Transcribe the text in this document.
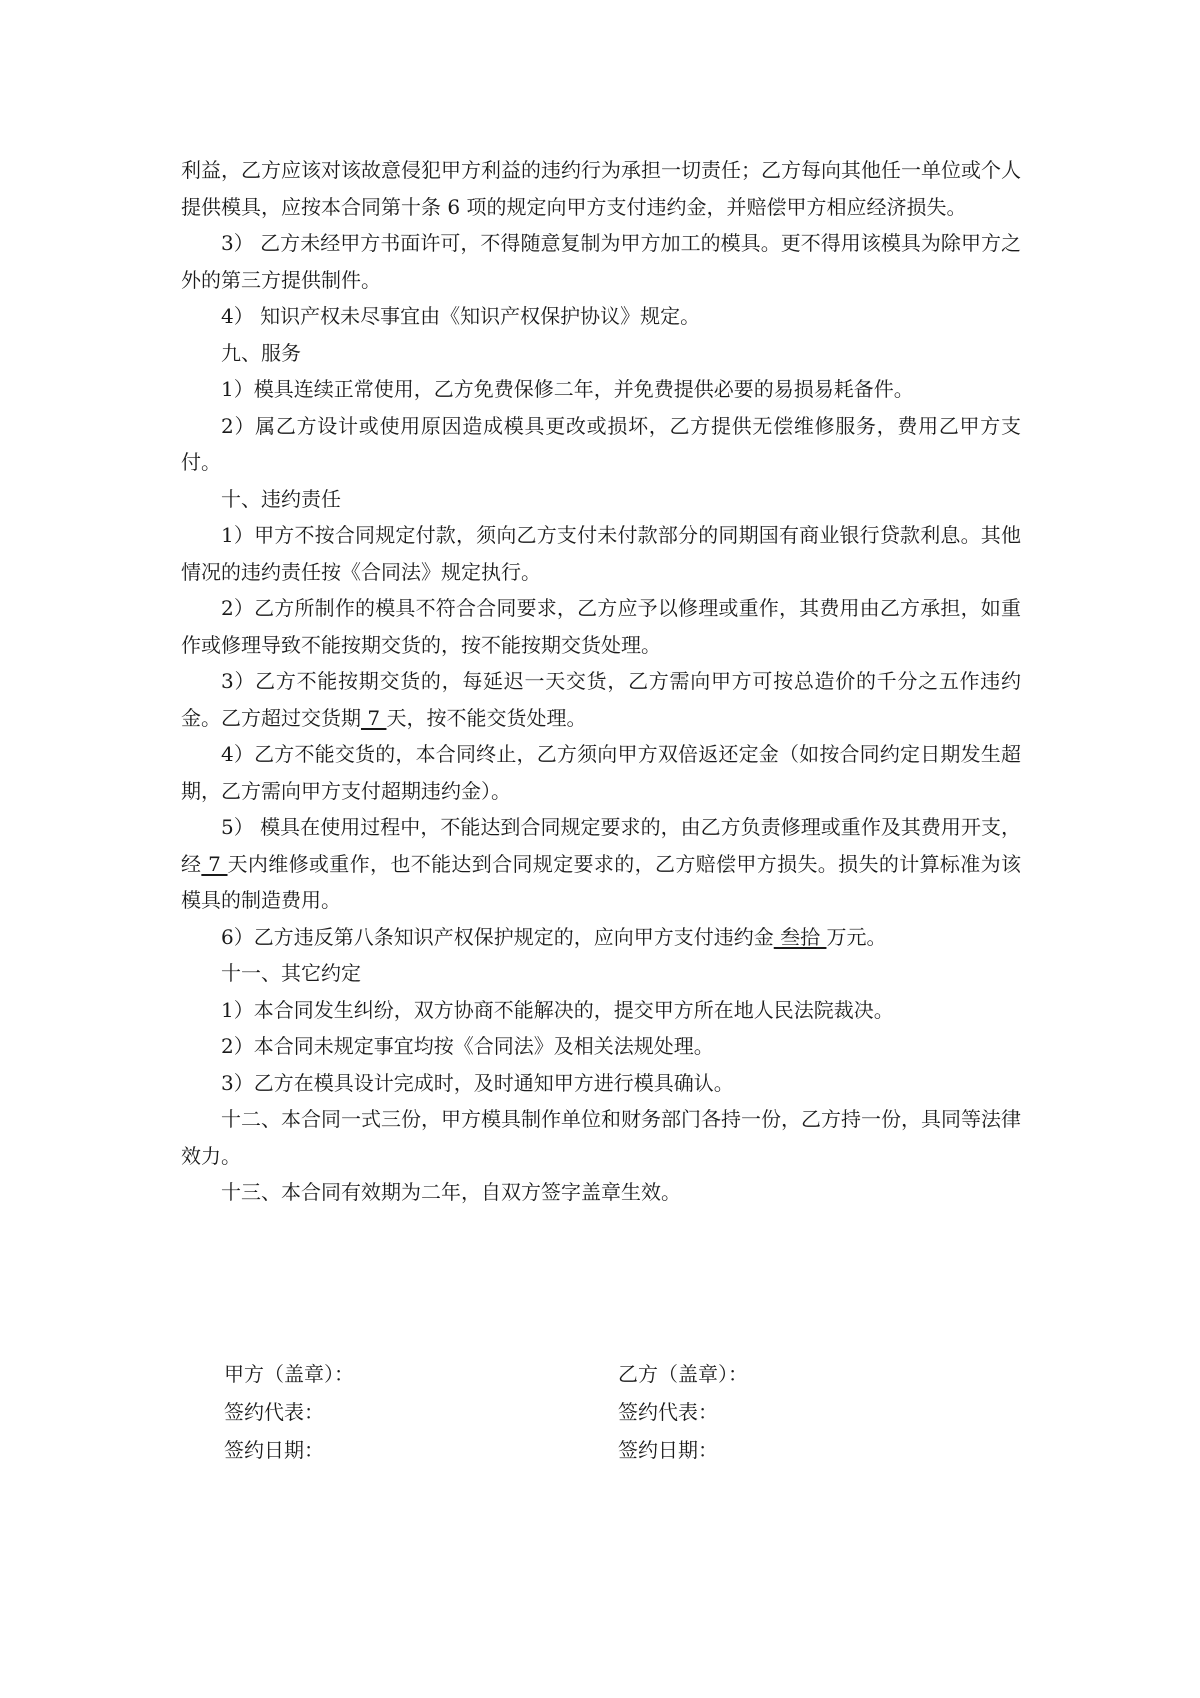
利益，乙方应该对该故意侵犯甲方利益的违约行为承担一切责任；乙方每向其他任一单位或个人提供模具，应按本合同第十条 6 项的规定向甲方支付违约金，并赔偿甲方相应经济损失。

3） 乙方未经甲方书面许可，不得随意复制为甲方加工的模具。更不得用该模具为除甲方之外的第三方提供制件。

4） 知识产权未尽事宜由《知识产权保护协议》规定。

九、服务

1）模具连续正常使用，乙方免费保修二年，并免费提供必要的易损易耗备件。

2）属乙方设计或使用原因造成模具更改或损坏，乙方提供无偿维修服务，费用乙甲方支付。

十、违约责任

1）甲方不按合同规定付款，须向乙方支付未付款部分的同期国有商业银行贷款利息。其他情况的违约责任按《合同法》规定执行。

2）乙方所制作的模具不符合合同要求，乙方应予以修理或重作，其费用由乙方承担，如重作或修理导致不能按期交货的，按不能按期交货处理。

3）乙方不能按期交货的，每延迟一天交货，乙方需向甲方可按总造价的千分之五作违约金。乙方超过交货期 7 天，按不能交货处理。

4）乙方不能交货的，本合同终止，乙方须向甲方双倍返还定金（如按合同约定日期发生超期，乙方需向甲方支付超期违约金）。

5） 模具在使用过程中，不能达到合同规定要求的，由乙方负责修理或重作及其费用开支，经 7 天内维修或重作，也不能达到合同规定要求的，乙方赔偿甲方损失。损失的计算标准为该模具的制造费用。

6）乙方违反第八条知识产权保护规定的，应向甲方支付违约金 叁拾 万元。

十一、其它约定

1）本合同发生纠纷，双方协商不能解决的，提交甲方所在地人民法院裁决。

2）本合同未规定事宜均按《合同法》及相关法规处理。

3）乙方在模具设计完成时，及时通知甲方进行模具确认。

十二、本合同一式三份，甲方模具制作单位和财务部门各持一份，乙方持一份，具同等法律效力。

十三、本合同有效期为二年，自双方签字盖章生效。

甲方（盖章）：	乙方（盖章）：
签约代表：	签约代表：
签约日期：	签约日期：
